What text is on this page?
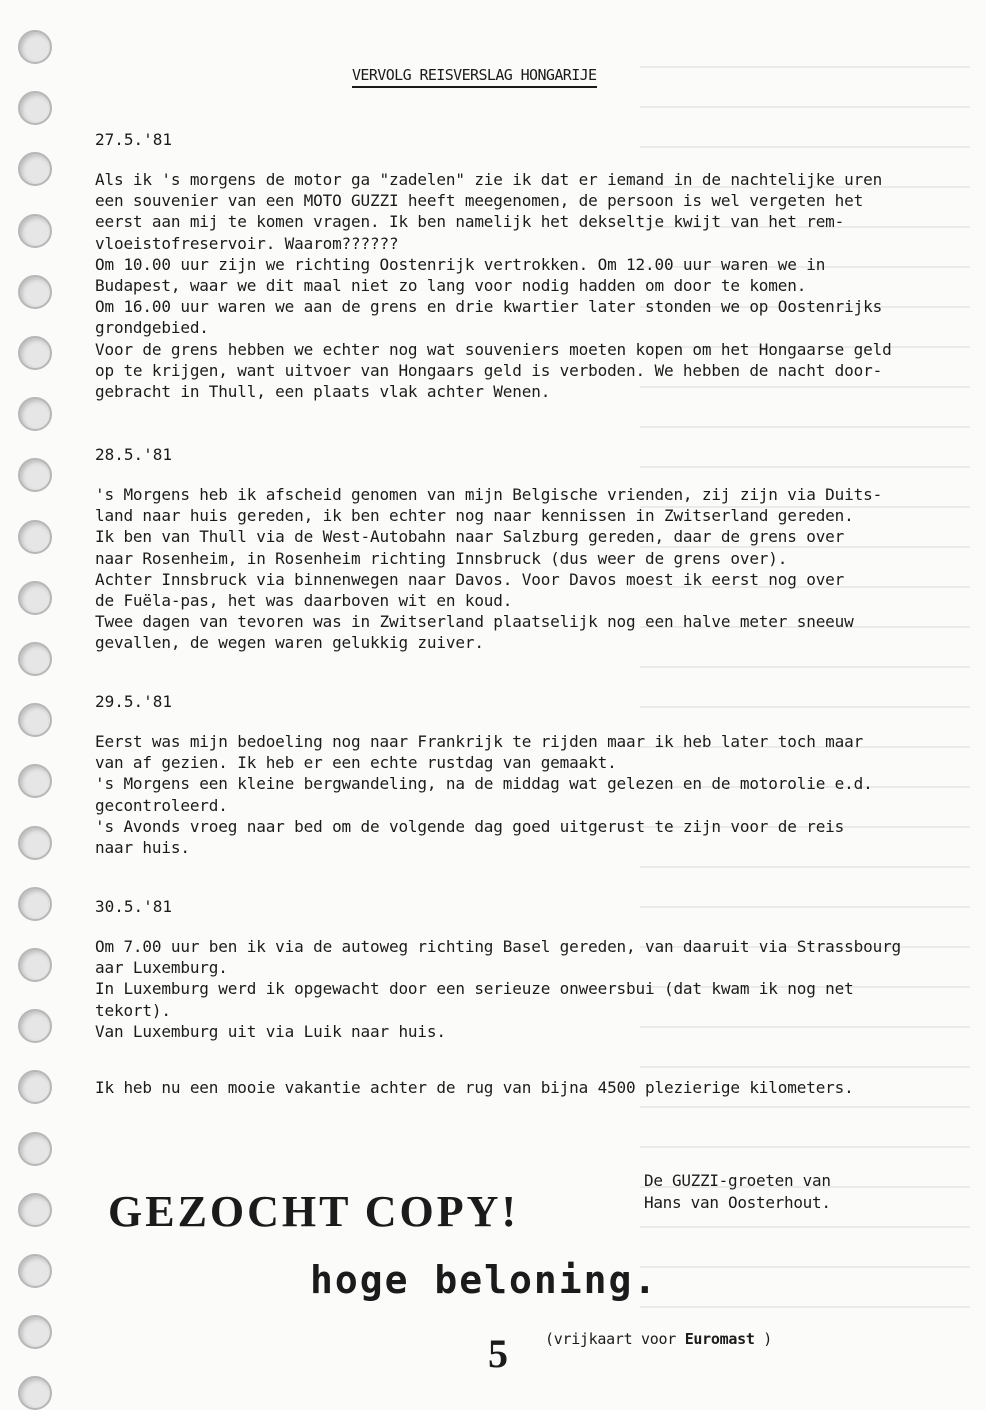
VERVOLG REISVERSLAG HONGARIJE
27.5.'81
Als ik 's morgens de motor ga "zadelen" zie ik dat er iemand in de nachtelijke uren
een souvenier van een MOTO GUZZI heeft meegenomen, de persoon is wel vergeten het
eerst aan mij te komen vragen. Ik ben namelijk het dekseltje kwijt van het rem-
vloeistofreservoir. Waarom??????
Om 10.00 uur zijn we richting Oostenrijk vertrokken. Om 12.00 uur waren we in
Budapest, waar we dit maal niet zo lang voor nodig hadden om door te komen.
Om 16.00 uur waren we aan de grens en drie kwartier later stonden we op Oostenrijks
grondgebied.
Voor de grens hebben we echter nog wat souveniers moeten kopen om het Hongaarse geld
op te krijgen, want uitvoer van Hongaars geld is verboden. We hebben de nacht door-
gebracht in Thull, een plaats vlak achter Wenen.
28.5.'81
's Morgens heb ik afscheid genomen van mijn Belgische vrienden, zij zijn via Duits-
land naar huis gereden, ik ben echter nog naar kennissen in Zwitserland gereden.
Ik ben van Thull via de West-Autobahn naar Salzburg gereden, daar de grens over
naar Rosenheim, in Rosenheim richting Innsbruck (dus weer de grens over).
Achter Innsbruck via binnenwegen naar Davos. Voor Davos moest ik eerst nog over
de Fuëla-pas, het was daarboven wit en koud.
Twee dagen van tevoren was in Zwitserland plaatselijk nog een halve meter sneeuw
gevallen, de wegen waren gelukkig zuiver.
29.5.'81
Eerst was mijn bedoeling nog naar Frankrijk te rijden maar ik heb later toch maar
van af gezien. Ik heb er een echte rustdag van gemaakt.
's Morgens een kleine bergwandeling, na de middag wat gelezen en de motorolie e.d.
gecontroleerd.
's Avonds vroeg naar bed om de volgende dag goed uitgerust te zijn voor de reis
naar huis.
30.5.'81
Om 7.00 uur ben ik via de autoweg richting Basel gereden, van daaruit via Strassbourg
aar Luxemburg.
In Luxemburg werd ik opgewacht door een serieuze onweersbui (dat kwam ik nog net
tekort).
Van Luxemburg uit via Luik naar huis.
Ik heb nu een mooie vakantie achter de rug van bijna 4500 plezierige kilometers.
De GUZZI-groeten van
Hans van Oosterhout.
GEZOCHT COPY!
hoge beloning.
5 (vrijkaart voor Euromast )
